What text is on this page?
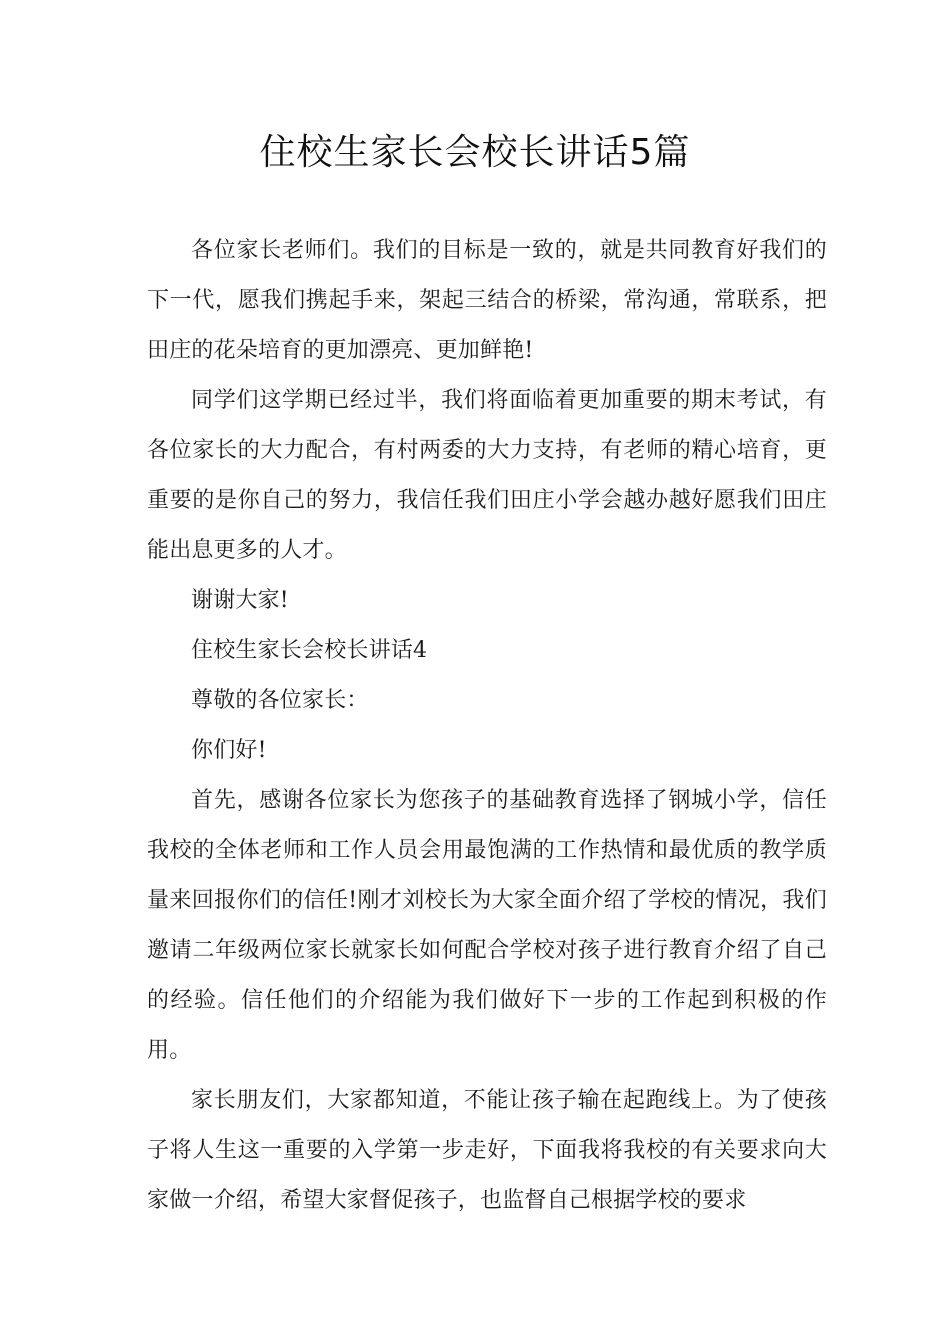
住校生家长会校长讲话5篇

各位家长老师们。我们的目标是一致的，就是共同教育好我们的下一代，愿我们携起手来，架起三结合的桥梁，常沟通，常联系，把田庄的花朵培育的更加漂亮、更加鲜艳!

同学们这学期已经过半，我们将面临着更加重要的期末考试，有各位家长的大力配合，有村两委的大力支持，有老师的精心培育，更重要的是你自己的努力，我信任我们田庄小学会越办越好愿我们田庄能出息更多的人才。

谢谢大家!

住校生家长会校长讲话4

尊敬的各位家长：

你们好!

首先，感谢各位家长为您孩子的基础教育选择了钢城小学，信任我校的全体老师和工作人员会用最饱满的工作热情和最优质的教学质量来回报你们的信任!刚才刘校长为大家全面介绍了学校的情况，我们邀请二年级两位家长就家长如何配合学校对孩子进行教育介绍了自己的经验。信任他们的介绍能为我们做好下一步的工作起到积极的作用。

家长朋友们，大家都知道，不能让孩子输在起跑线上。为了使孩子将人生这一重要的入学第一步走好，下面我将我校的有关要求向大家做一介绍，希望大家督促孩子，也监督自己根据学校的要求
